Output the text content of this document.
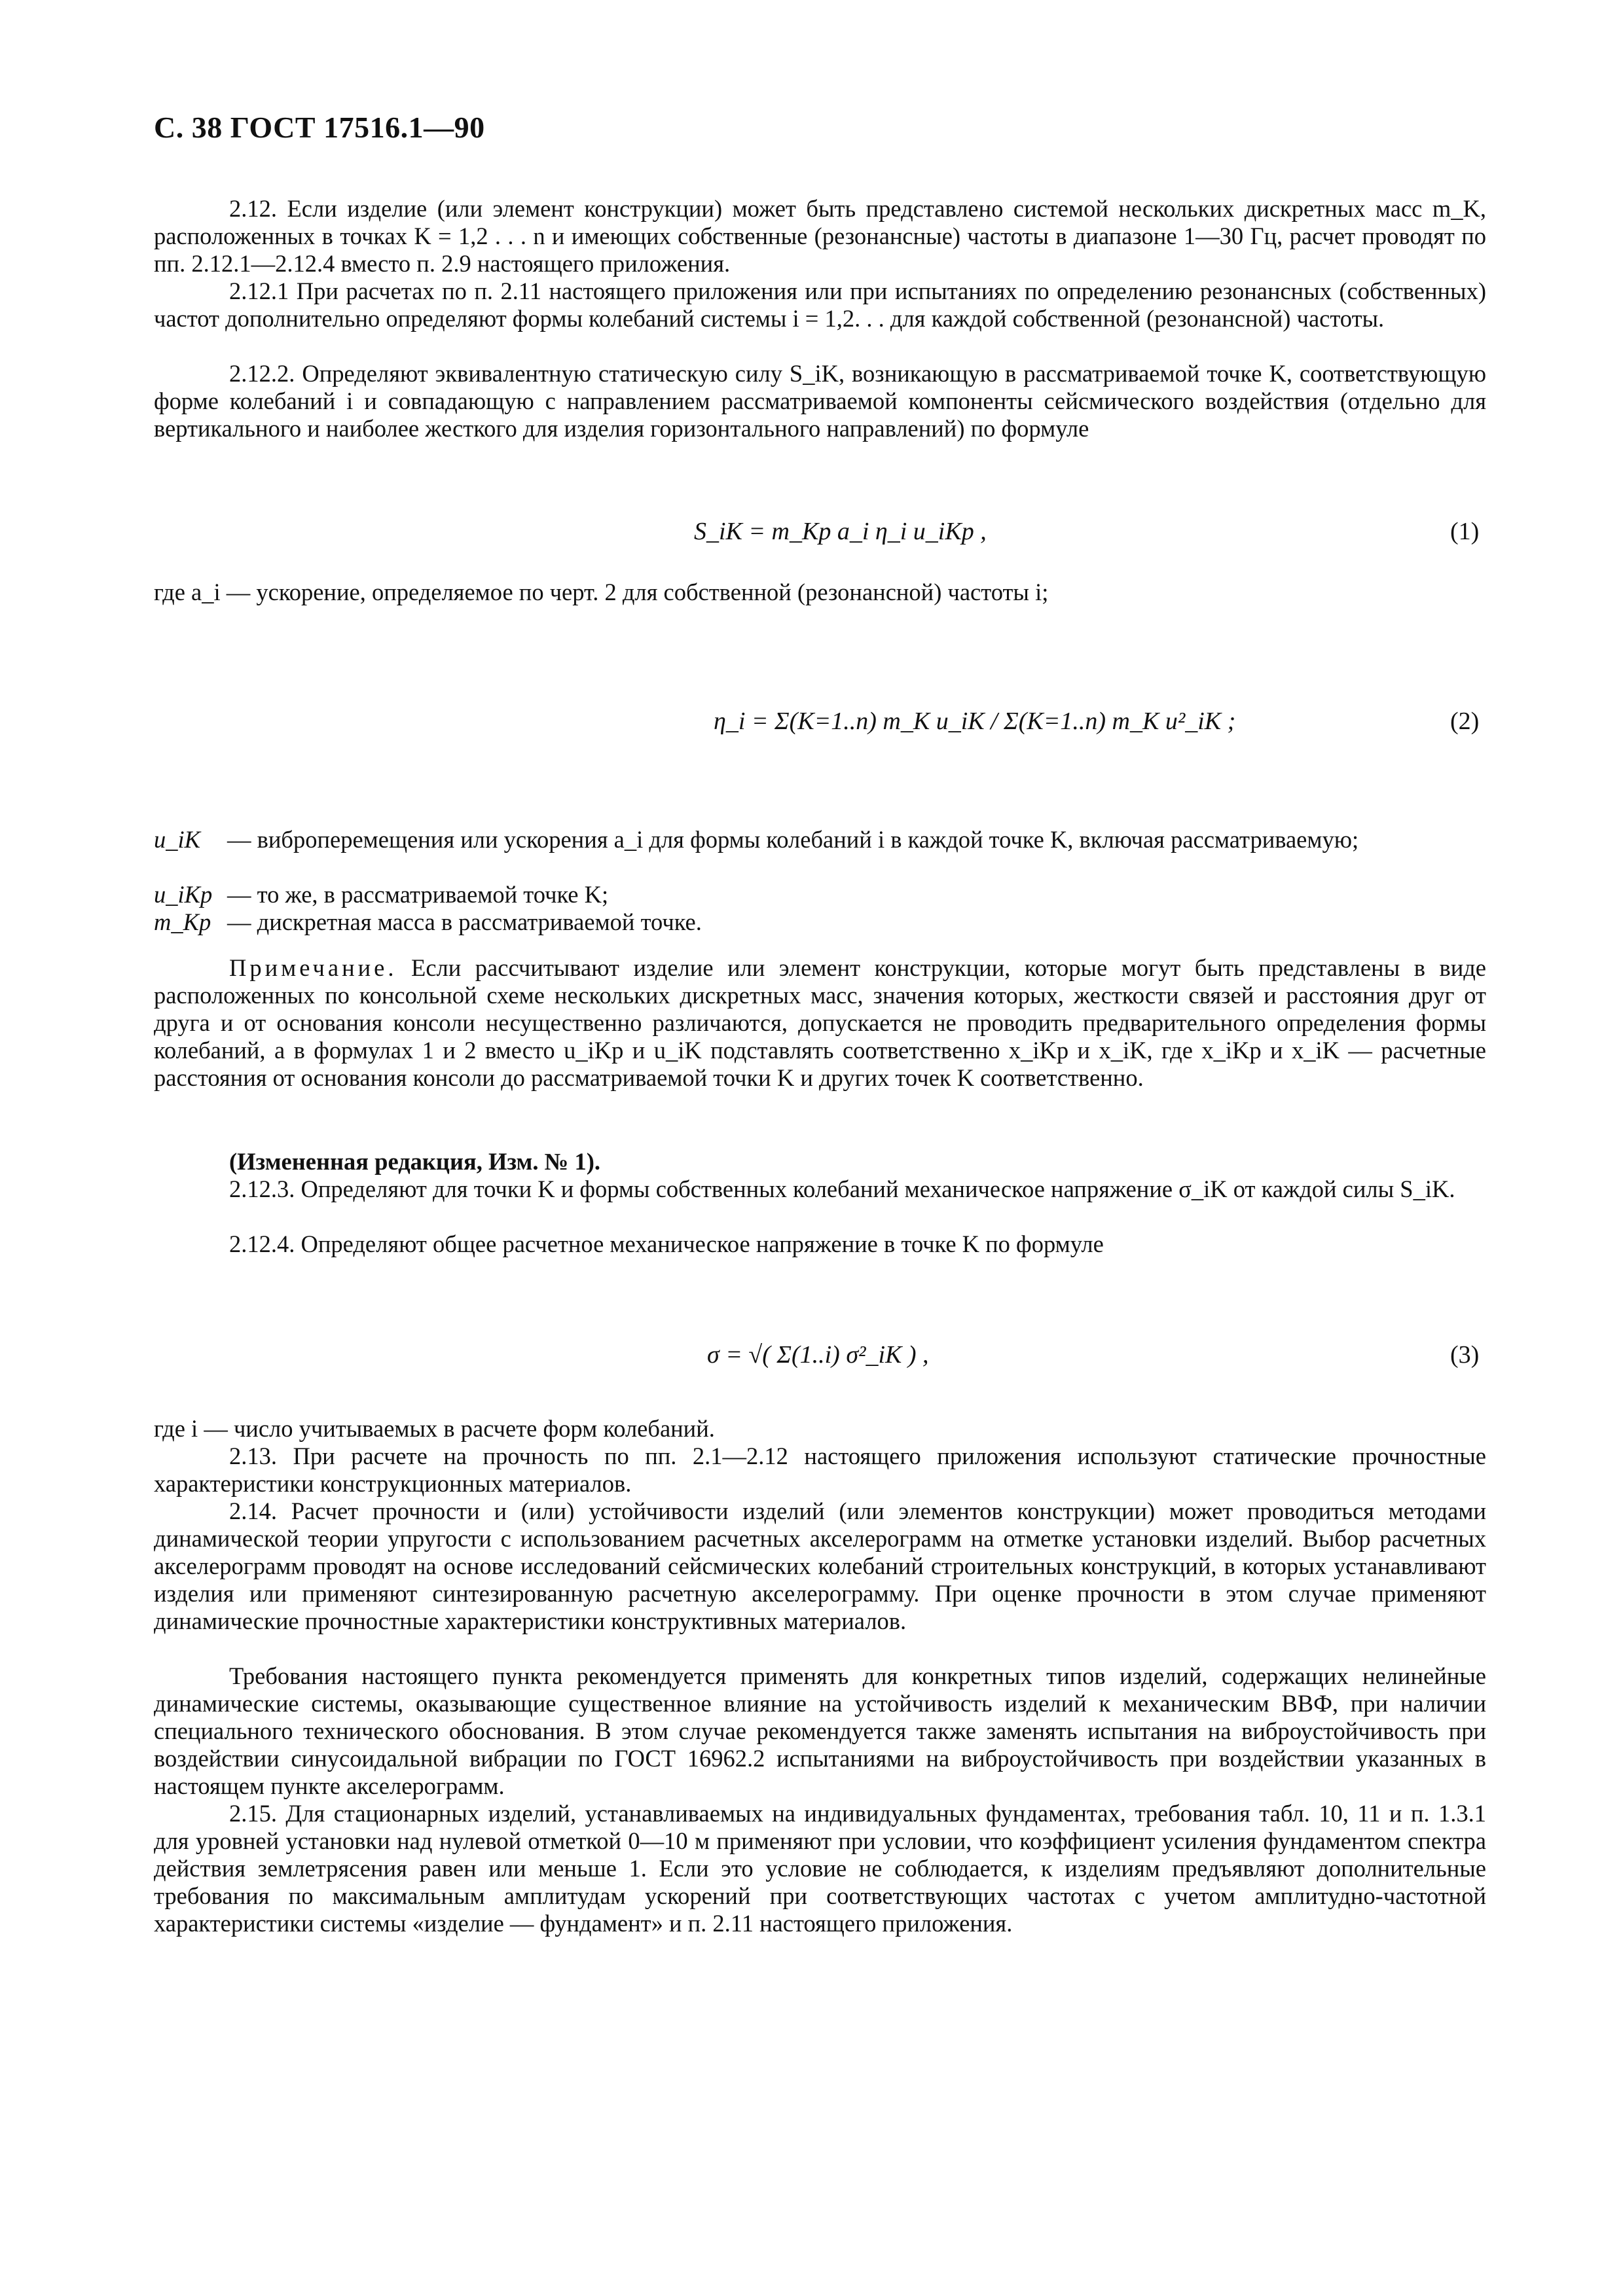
С. 38 ГОСТ 17516.1—90
2.12. Если изделие (или элемент конструкции) может быть представлено системой нескольких дискретных масс m_K, расположенных в точках K = 1,2 . . . n и имеющих собственные (резонансные) частоты в диапазоне 1—30 Гц, расчет проводят по пп. 2.12.1—2.12.4 вместо п. 2.9 настоящего приложения.
2.12.1 При расчетах по п. 2.11 настоящего приложения или при испытаниях по определению резонансных (собственных) частот дополнительно определяют формы колебаний системы i = 1,2. . . для каждой собственной (резонансной) частоты.
2.12.2. Определяют эквивалентную статическую силу S_iK, возникающую в рассматриваемой точке K, соответствующую форме колебаний i и совпадающую с направлением рассматриваемой компоненты сейсмического воздействия (отдельно для вертикального и наиболее жесткого для изделия горизонтального направлений) по формуле
S_iK = m_Kp a_i η_i u_iKp ,	(1)
где a_i — ускорение, определяемое по черт. 2 для собственной (резонансной) частоты i;
η_i = Σ(K=1..n) m_K u_iK / Σ(K=1..n) m_K u²_iK ;	(2)
u_iK — виброперемещения или ускорения a_i для формы колебаний i в каждой точке K, включая рассматриваемую;
u_iKp — то же, в рассматриваемой точке K;
m_Kp — дискретная масса в рассматриваемой точке.
Примечание. Если рассчитывают изделие или элемент конструкции, которые могут быть представлены в виде расположенных по консольной схеме нескольких дискретных масс, значения которых, жесткости связей и расстояния друг от друга и от основания консоли несущественно различаются, допускается не проводить предварительного определения формы колебаний, а в формулах 1 и 2 вместо u_iKp и u_iK подставлять соответственно x_iKp и x_iK, где x_iKp и x_iK — расчетные расстояния от основания консоли до рассматриваемой точки K и других точек K соответственно.
(Измененная редакция, Изм. № 1).
2.12.3. Определяют для точки K и формы собственных колебаний механическое напряжение σ_iK от каждой силы S_iK.
2.12.4. Определяют общее расчетное механическое напряжение в точке K по формуле
σ = √( Σ(1..i) σ²_iK ) ,	(3)
где i — число учитываемых в расчете форм колебаний.
2.13. При расчете на прочность по пп. 2.1—2.12 настоящего приложения используют статические прочностные характеристики конструкционных материалов.
2.14. Расчет прочности и (или) устойчивости изделий (или элементов конструкции) может проводиться методами динамической теории упругости с использованием расчетных акселерограмм на отметке установки изделий. Выбор расчетных акселерограмм проводят на основе исследований сейсмических колебаний строительных конструкций, в которых устанавливают изделия или применяют синтезированную расчетную акселерограмму. При оценке прочности в этом случае применяют динамические прочностные характеристики конструктивных материалов.
Требования настоящего пункта рекомендуется применять для конкретных типов изделий, содержащих нелинейные динамические системы, оказывающие существенное влияние на устойчивость изделий к механическим ВВФ, при наличии специального технического обоснования. В этом случае рекомендуется также заменять испытания на виброустойчивость при воздействии синусоидальной вибрации по ГОСТ 16962.2 испытаниями на виброустойчивость при воздействии указанных в настоящем пункте акселерограмм.
2.15. Для стационарных изделий, устанавливаемых на индивидуальных фундаментах, требования табл. 10, 11 и п. 1.3.1 для уровней установки над нулевой отметкой 0—10 м применяют при условии, что коэффициент усиления фундаментом спектра действия землетрясения равен или меньше 1. Если это условие не соблюдается, к изделиям предъявляют дополнительные требования по максимальным амплитудам ускорений при соответствующих частотах с учетом амплитудно-частотной характеристики системы «изделие — фундамент» и п. 2.11 настоящего приложения.
